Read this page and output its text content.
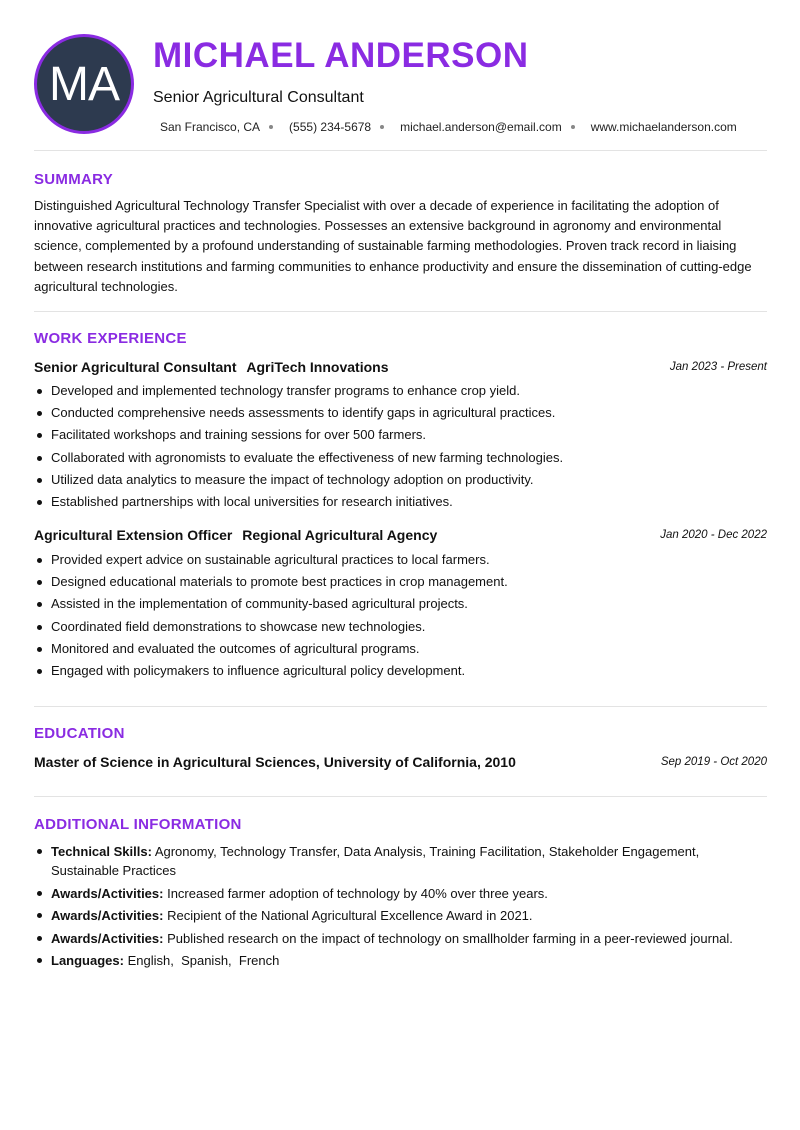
MA
MICHAEL ANDERSON
Senior Agricultural Consultant
San Francisco, CA (555) 234-5678 michael.anderson@email.com www.michaelanderson.com
SUMMARY

Distinguished Agricultural Technology Transfer Specialist with over a decade of experience in facilitating the adoption of innovative agricultural practices and technologies. Possesses an extensive background in agronomy and environmental science, complemented by a profound understanding of sustainable farming methodologies. Proven track record in liaising between research institutions and farming communities to enhance productivity and ensure the dissemination of cutting-edge agricultural technologies.

WORK EXPERIENCE
Senior Agricultural Consultant AgriTech Innovations	Jan 2023 - Present
Developed and implemented technology transfer programs to enhance crop yield.
Conducted comprehensive needs assessments to identify gaps in agricultural practices.
Facilitated workshops and training sessions for over 500 farmers.
Collaborated with agronomists to evaluate the effectiveness of new farming technologies.
Utilized data analytics to measure the impact of technology adoption on productivity.
Established partnerships with local universities for research initiatives.
Agricultural Extension Officer Regional Agricultural Agency	Jan 2020 - Dec 2022
Provided expert advice on sustainable agricultural practices to local farmers.
Designed educational materials to promote best practices in crop management.
Assisted in the implementation of community-based agricultural projects.
Coordinated field demonstrations to showcase new technologies.
Monitored and evaluated the outcomes of agricultural programs.
Engaged with policymakers to influence agricultural policy development.
EDUCATION
Master of Science in Agricultural Sciences, University of California, 2010	Sep 2019 - Oct 2020
ADDITIONAL INFORMATION
Technical Skills: Agronomy, Technology Transfer, Data Analysis, Training Facilitation, Stakeholder Engagement, Sustainable Practices
Awards/Activities: Increased farmer adoption of technology by 40% over three years.
Awards/Activities: Recipient of the National Agricultural Excellence Award in 2021.
Awards/Activities: Published research on the impact of technology on smallholder farming in a peer-reviewed journal.
Languages: English,  Spanish,  French
